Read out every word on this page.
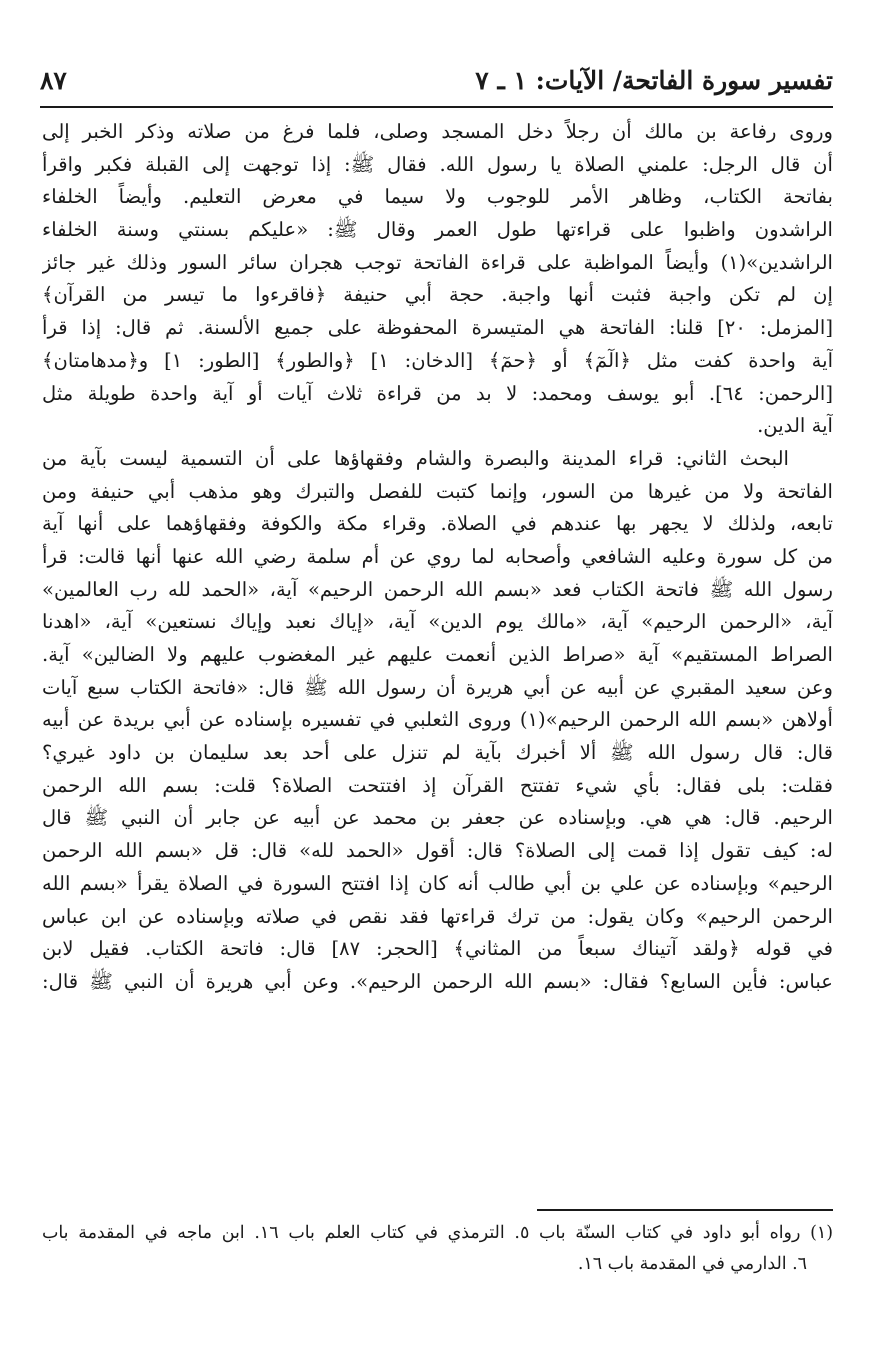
تفسير سورة الفاتحة/ الآيات: ١ ـ ٧
٨٧
وروى رفاعة بن مالك أن رجلاً دخل المسجد وصلى، فلما فرغ من صلاته وذكر الخبر إلى
أن قال الرجل: علمني الصلاة يا رسول الله. فقال ﷺ: إذا توجهت إلى القبلة فكبر واقرأ
بفاتحة الكتاب، وظاهر الأمر للوجوب ولا سيما في معرض التعليم. وأيضاً الخلفاء
الراشدون واظبوا على قراءتها طول العمر وقال ﷺ: «عليكم بسنتي وسنة الخلفاء
الراشدين»(١) وأيضاً المواظبة على قراءة الفاتحة توجب هجران سائر السور وذلك غير جائز
إن لم تكن واجبة فثبت أنها واجبة. حجة أبي حنيفة ﴿فاقرءوا ما تيسر من القرآن﴾
[المزمل: ٢٠] قلنا: الفاتحة هي المتيسرة المحفوظة على جميع الألسنة. ثم قال: إذا قرأ
آية واحدة كفت مثل ﴿الٓمٓ﴾ أو ﴿حمٓ﴾ [الدخان: ١] ﴿والطور﴾ [الطور: ١] و﴿مدهامتان﴾
[الرحمن: ٦٤]. أبو يوسف ومحمد: لا بد من قراءة ثلاث آيات أو آية واحدة طويلة مثل
آية الدين.
البحث الثاني: قراء المدينة والبصرة والشام وفقهاؤها على أن التسمية ليست بآية من
الفاتحة ولا من غيرها من السور، وإنما كتبت للفصل والتبرك وهو مذهب أبي حنيفة ومن
تابعه، ولذلك لا يجهر بها عندهم في الصلاة. وقراء مكة والكوفة وفقهاؤهما على أنها آية
من كل سورة وعليه الشافعي وأصحابه لما روي عن أم سلمة رضي الله عنها أنها قالت: قرأ
رسول الله ﷺ فاتحة الكتاب فعد «بسم الله الرحمن الرحيم» آية، «الحمد لله رب العالمين»
آية، «الرحمن الرحيم» آية، «مالك يوم الدين» آية، «إياك نعبد وإياك نستعين» آية، «اهدنا
الصراط المستقيم» آية «صراط الذين أنعمت عليهم غير المغضوب عليهم ولا الضالين» آية.
وعن سعيد المقبري عن أبيه عن أبي هريرة أن رسول الله ﷺ قال: «فاتحة الكتاب سبع آيات
أولاهن «بسم الله الرحمن الرحيم»(١) وروى الثعلبي في تفسيره بإسناده عن أبي بريدة عن أبيه
قال: قال رسول الله ﷺ ألا أخبرك بآية لم تنزل على أحد بعد سليمان بن داود غيري؟
فقلت: بلى فقال: بأي شيء تفتتح القرآن إذ افتتحت الصلاة؟ قلت: بسم الله الرحمن
الرحيم. قال: هي هي. وبإسناده عن جعفر بن محمد عن أبيه عن جابر أن النبي ﷺ قال
له: كيف تقول إذا قمت إلى الصلاة؟ قال: أقول «الحمد لله» قال: قل «بسم الله الرحمن
الرحيم» وبإسناده عن علي بن أبي طالب أنه كان إذا افتتح السورة في الصلاة يقرأ «بسم الله
الرحمن الرحيم» وكان يقول: من ترك قراءتها فقد نقص في صلاته وبإسناده عن ابن عباس
في قوله ﴿ولقد آتيناك سبعاً من المثاني﴾ [الحجر: ٨٧] قال: فاتحة الكتاب. فقيل لابن
عباس: فأين السابع؟ فقال: «بسم الله الرحمن الرحيم». وعن أبي هريرة أن النبي ﷺ قال:
(١) رواه أبو داود في كتاب السنّة باب ٥. الترمذي في كتاب العلم باب ١٦. ابن ماجه في المقدمة باب
٦. الدارمي في المقدمة باب ١٦.
